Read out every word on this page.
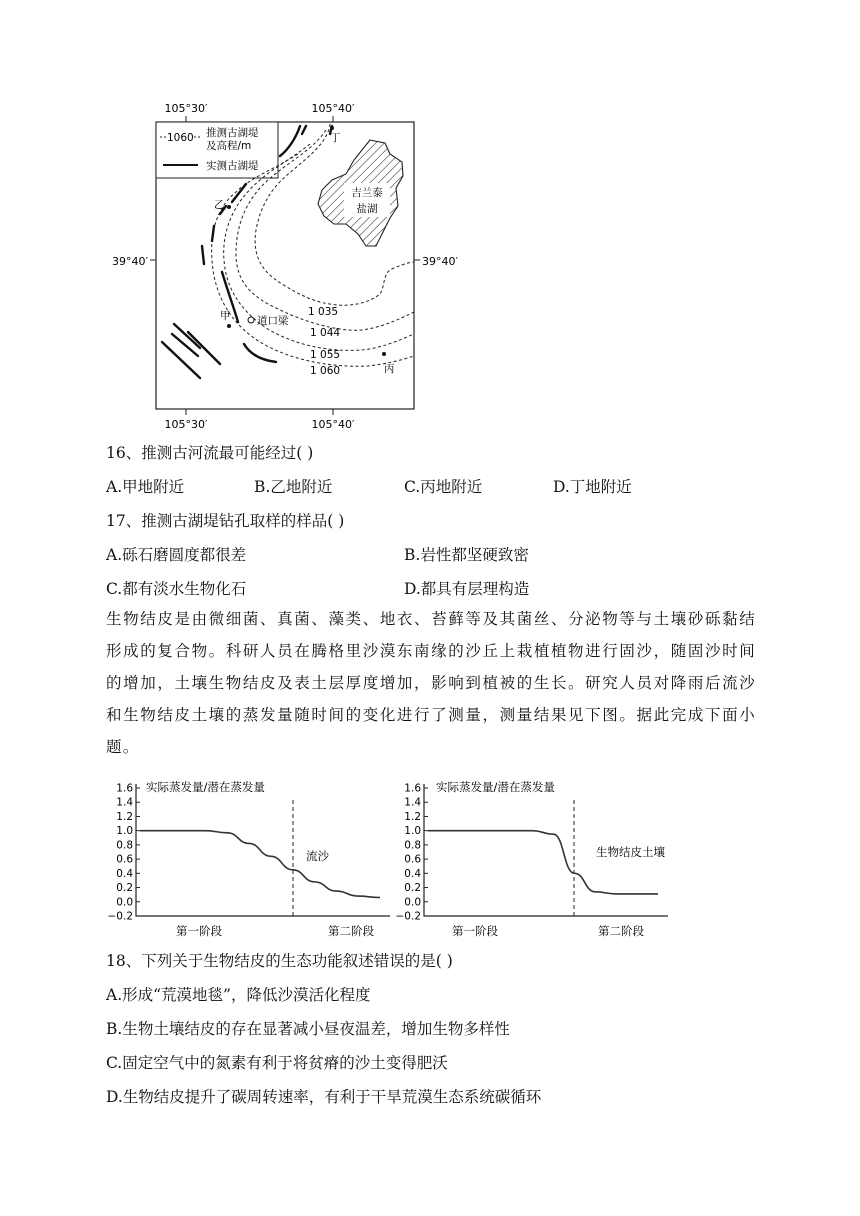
105°30′	105°40′
105°30′	105°40′
39°40′	39°40′
1060 推测古湖堤
及高程/m
实测古湖堤
吉兰泰
盐湖
乙
甲	道口梁
丙
丁
1 035
1 044
1 055
1 060
16、推测古河流最可能经过( )
A.甲地附近	B.乙地附近	C.丙地附近	D.丁地附近
17、推测古湖堤钻孔取样的样品( )
A.砾石磨圆度都很差	B.岩性都坚硬致密
C.都有淡水生物化石	D.都具有层理构造
生物结皮是由微细菌、真菌、藻类、地衣、苔藓等及其菌丝、分泌物等与土壤砂砾黏结形成的复合物。科研人员在腾格里沙漠东南缘的沙丘上栽植植物进行固沙，随固沙时间的增加，土壤生物结皮及表土层厚度增加，影响到植被的生长。研究人员对降雨后流沙和生物结皮土壤的蒸发量随时间的变化进行了测量，测量结果见下图。据此完成下面小题。
实际蒸发量/潜在蒸发量
流沙
第一阶段	第二阶段
1.6
1.4
1.2
1.0
0.8
0.6
0.4
0.2
0.0
−0.2
实际蒸发量/潜在蒸发量
生物结皮土壤
第一阶段	第二阶段
1.6
1.4
1.2
1.0
0.8
0.6
0.4
0.2
0.0
−0.2
18、下列关于生物结皮的生态功能叙述错误的是( )
A.形成“荒漠地毯”，降低沙漠活化程度
B.生物土壤结皮的存在显著减小昼夜温差，增加生物多样性
C.固定空气中的氮素有利于将贫瘠的沙土变得肥沃
D.生物结皮提升了碳周转速率，有利于干旱荒漠生态系统碳循环
